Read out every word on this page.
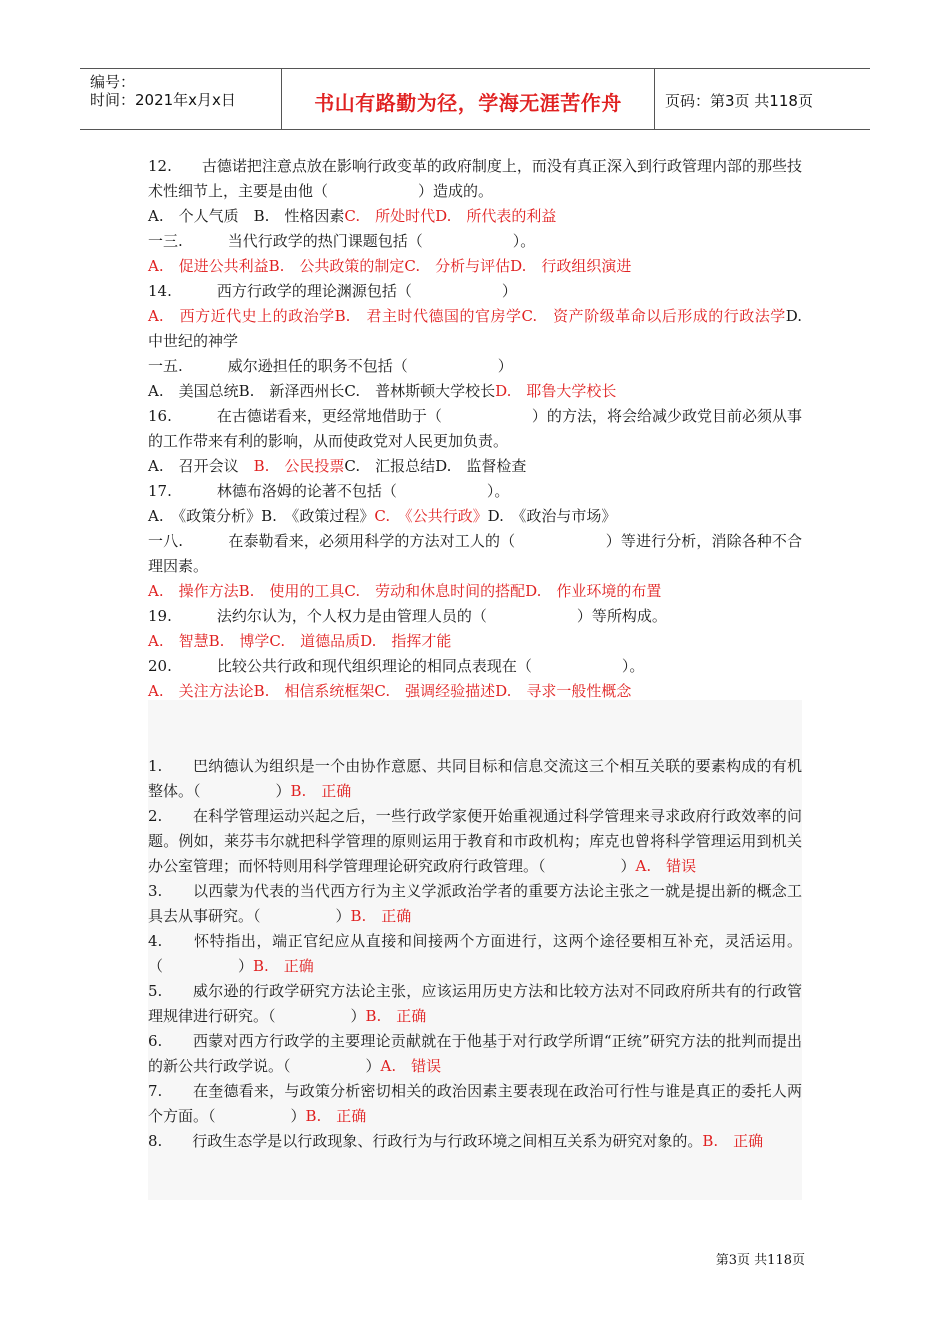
编号：
时间：2021年x月x日	书山有路勤为径，学海无涯苦作舟	页码：第3页 共118页
12.　　古德诺把注意点放在影响行政变革的政府制度上，而没有真正深入到行政管理内部的那些技术性细节上，主要是由他（　　　　　　）造成的。
A.　个人气质　B.　性格因素C.　所处时代D.　所代表的利益
一三.　　　当代行政学的热门课题包括（　　　　　　）。
A.　促进公共利益B.　公共政策的制定C.　分析与评估D.　行政组织演进
14.　　　西方行政学的理论渊源包括（　　　　　　）
A.　西方近代史上的政治学B.　君主时代德国的官房学C.　资产阶级革命以后形成的行政法学D.　中世纪的神学
一五.　　　威尔逊担任的职务不包括（　　　　　　）
A.　美国总统B.　新泽西州长C.　普林斯顿大学校长D.　耶鲁大学校长
16.　　　在古德诺看来，更经常地借助于（　　　　　　）的方法，将会给减少政党目前必须从事的工作带来有利的影响，从而使政党对人民更加负责。
A.　召开会议　 B.　公民投票C.　汇报总结D.　监督检查
17.　　　林德布洛姆的论著不包括（　　　　　　）。
A.　《政策分析》B.　《政策过程》C.　《公共行政》D.　《政治与市场》
一八.　　　在泰勒看来，必须用科学的方法对工人的（　　　　　　）等进行分析，消除各种不合理因素。
A.　操作方法B.　使用的工具C.　劳动和休息时间的搭配D.　作业环境的布置
19.　　　法约尔认为，个人权力是由管理人员的（　　　　　　）等所构成。
A.　智慧B.　博学C.　道德品质D.　指挥才能
20.　　　比较公共行政和现代组织理论的相同点表现在（　　　　　　）。
A.　关注方法论B.　相信系统框架C.　强调经验描述D.　寻求一般性概念
1.　　巴纳德认为组织是一个由协作意愿、共同目标和信息交流这三个相互关联的要素构成的有机整体。（　　　　　）B.　正确
2.　　在科学管理运动兴起之后，一些行政学家便开始重视通过科学管理来寻求政府行政效率的问题。例如，莱芬韦尔就把科学管理的原则运用于教育和市政机构；库克也曾将科学管理运用到机关办公室管理；而怀特则用科学管理理论研究政府行政管理。（　　　　　）A.　错误
3.　　以西蒙为代表的当代西方行为主义学派政治学者的重要方法论主张之一就是提出新的概念工具去从事研究。（　　　　　）B.　正确
4.　　怀特指出，端正官纪应从直接和间接两个方面进行，这两个途径要相互补充，灵活运用。（　　　　　）B.　正确
5.　　威尔逊的行政学研究方法论主张，应该运用历史方法和比较方法对不同政府所共有的行政管理规律进行研究。（　　　　　）B.　正确
6.　　西蒙对西方行政学的主要理论贡献就在于他基于对行政学所谓“正统”研究方法的批判而提出的新公共行政学说。（　　　　　）A.　错误
7.　　在奎德看来，与政策分析密切相关的政治因素主要表现在政治可行性与谁是真正的委托人两个方面。（　　　　　）B.　正确
8.　　行政生态学是以行政现象、行政行为与行政环境之间相互关系为研究对象的。B.　正确
第3页 共118页
